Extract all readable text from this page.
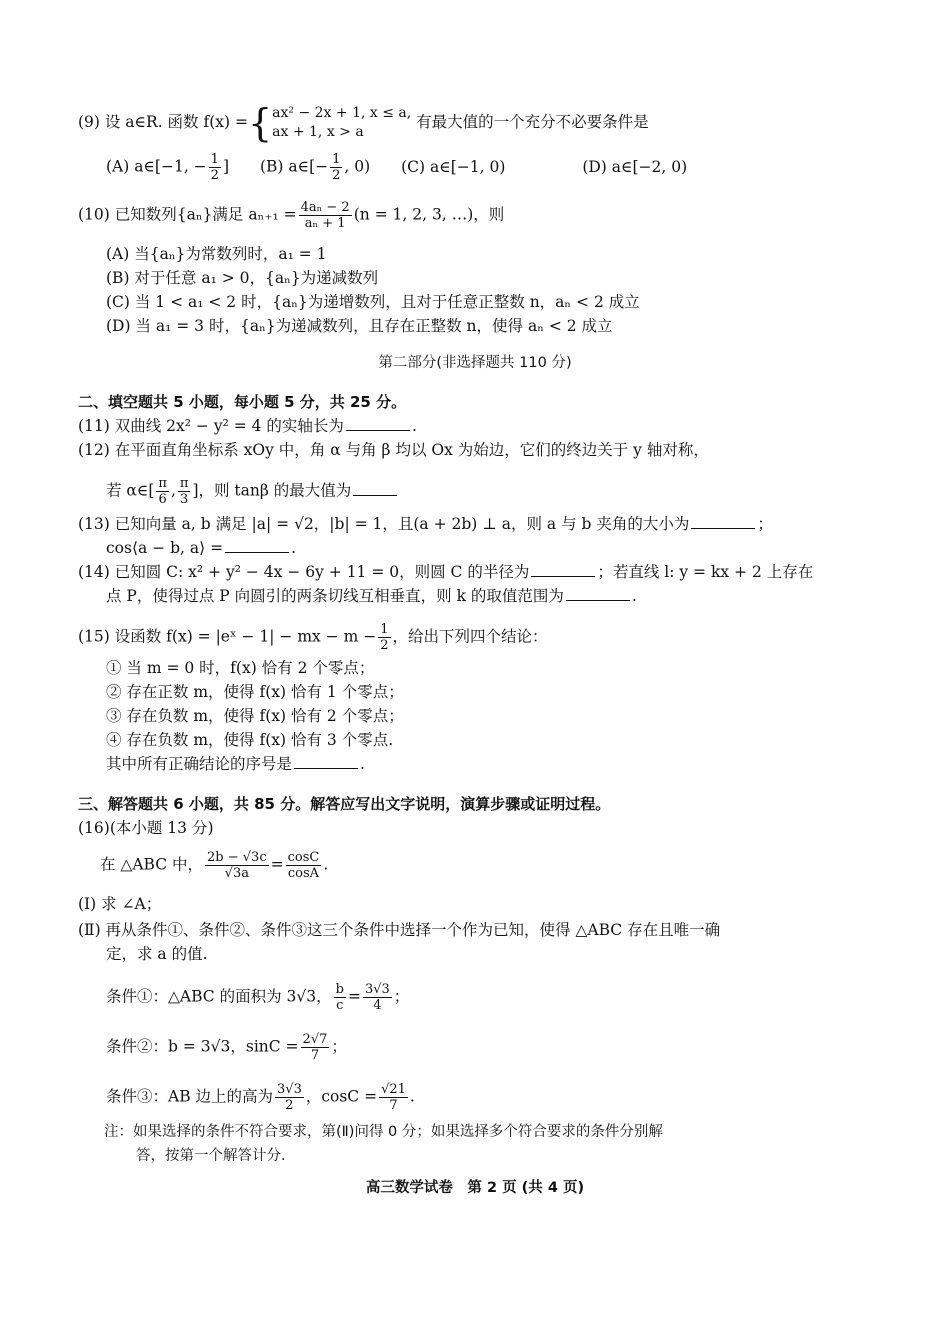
(9) 设 a∈R. 函数 f(x) ={ ax² − 2x + 1, x ≤ a,
ax + 1, x > a
有最大值的一个充分不必要条件是
(A) a∈[−1, − $\frac{1}{2}$ ] (B) a∈[− $\frac{1}{2}$ , 0) (C) a∈[−1, 0)	(D) a∈[−2, 0)
(10) 已知数列{aₙ}满足 $a_{n+1} = \frac{\text{4aₙ − 2}}{\text{aₙ + 1}} (n = 1$, 2, 3, …)，则
(A) 当{aₙ}为常数列时，a₁ = 1
(B) 对于任意 a₁ > 0，{aₙ}为递减数列
(C) 当 1 < a₁ < 2 时，{aₙ}为递增数列，且对于任意正整数 n，aₙ < 2 成立
(D) 当 a₁ = 3 时，{aₙ}为递减数列，且存在正整数 n，使得 aₙ < 2 成立
第二部分(非选择题共 110 分)
二、填空题共 5 小题，每小题 5 分，共 25 分。
(11) 双曲线 2x² − y² = 4 的实轴长为	.
(12) 在平面直角坐标系 xOy 中，角 α 与角 β 均以 Ox 为始边，它们的终边关于 y 轴对称，
若 α∈[ $\frac{\pi}{6}$ , $\frac{\pi}{3}$ ]，则 tanβ 的最大值为
(13) 已知向量 a, b 满足 |a| = √2，|b| = 1，且(a + 2b) ⊥ a，则 a 与 b 夹角的大小为	；
cos⟨a − b, a⟩ =	.
(14) 已知圆 C: x² + y² − 4x − 6y + 11 = 0，则圆 C 的半径为	；若直线 l: y = kx + 2 上存在
点 P，使得过点 P 向圆引的两条切线互相垂直，则 k 的取值范围为	.
(15) 设函数 f(x) = |eˣ − 1| − mx − $m - \frac{1}{2}$ ，给出下列四个结论：
① 当 m = 0 时，f(x) 恰有 2 个零点；
② 存在正数 m，使得 f(x) 恰有 1 个零点；
③ 存在负数 m，使得 f(x) 恰有 2 个零点；
④ 存在负数 m，使得 f(x) 恰有 3 个零点.
其中所有正确结论的序号是	.
三、解答题共 6 小题，共 85 分。解答应写出文字说明，演算步骤或证明过程。
(16)(本小题 13 分)
在 △ABC 中， $\frac{2b - √3c}{√3a} = \frac{\cos C}{\cos A}$ .
(Ⅰ) 求 ∠A；
(Ⅱ) 再从条件①、条件②、条件③这三个条件中选择一个作为已知，使得 △ABC 存在且唯一确
定，求 a 的值.
条件①：△ABC 的面积为 3√3， $\frac{b}{c} = \frac{3√3}{4}$ ；
条件②：b = 3√3，$\sin C = \frac{2√7}{7}$ ；
条件③：AB 边上的高为 $\frac{3√3}{2}$ ，$\cos C = \frac{√21}{7}$ .
注：如果选择的条件不符合要求，第(Ⅱ)问得 0 分；如果选择多个符合要求的条件分别解
答，按第一个解答计分.
高三数学试卷　第 2 页 (共 4 页)
